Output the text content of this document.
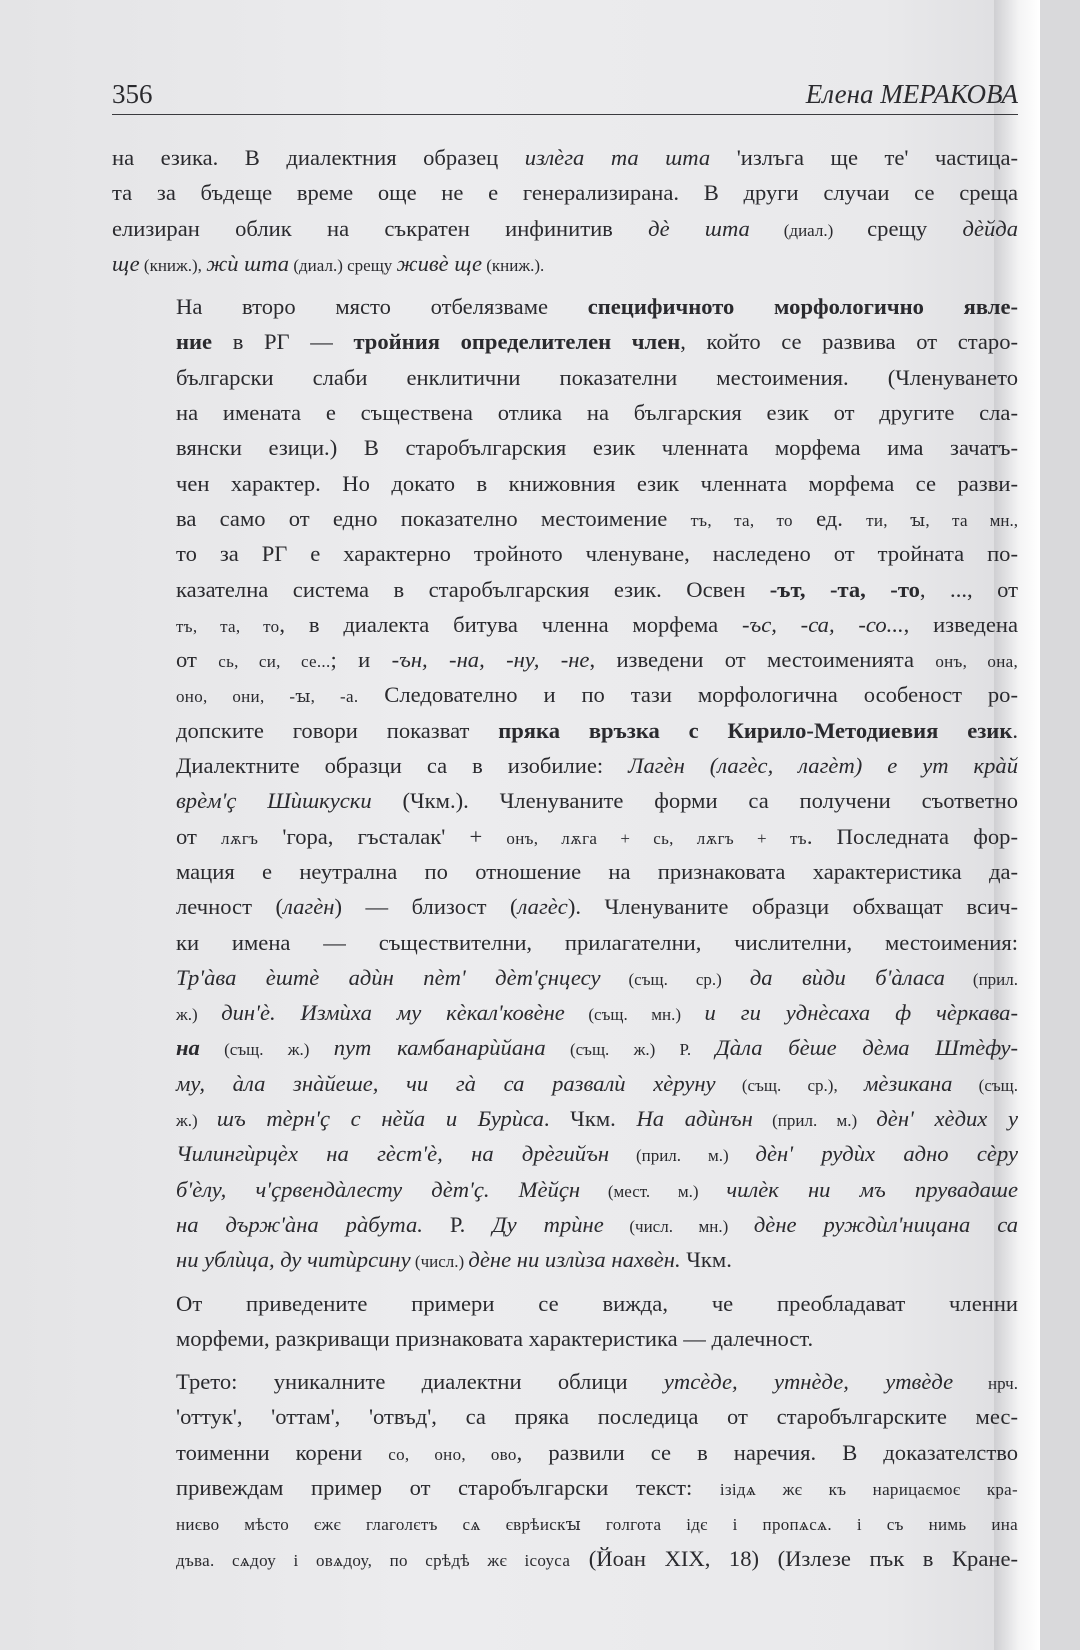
356	Елена МЕРАКОВА

на езика. В диалектния образец излѐга та шта 'излъга ще те' частица-
та за бъдеще време още не е генерализирана. В други случаи се среща
елизиран облик на съкратен инфинитив дѐ шта (диал.) срещу дѐйда
ще (книж.), жѝ шта (диал.) срещу живѐ ще (книж.).

На второ място отбелязваме специфичното морфологично явле-
ние в РГ — тройния определителен член, който се развива от старо-
български слаби енклитични показателни местоимения. (Членуването
на имената е съществена отлика на българския език от другите сла-
вянски езици.) В старобългарския език членната морфема има зачатъ-
чен характер. Но докато в книжовния език членната морфема се разви-
ва само от едно показателно местоимение тъ, та, то ед. ти, ꙑ, та мн.,
то за РГ е характерно тройното членуване, наследено от тройната по-
казателна система в старобългарския език. Освен -ът, -та, -то, ..., от
тъ, та, то, в диалекта битува членна морфема -ъс, -са, -со..., изведена
от сь, си, се...; и -ън, -на, -ну, -не, изведени от местоименията онъ, она,
оно, они, -ꙑ, -а. Следователно и по тази морфологична особеност ро-
допските говори показват пряка връзка с Кирило-Методиевия език.
Диалектните образци са в изобилие: Лагѐн (лагѐс, лагѐт) е ут крàй
врѐм'ҫ Шѝшкуски (Чкм.). Членуваните форми са получени съответно
от лѫгъ 'гора, гъсталак' + онъ, лѫга + сь, лѫгъ + тъ. Последната фор-
мация е неутрална по отношение на признаковата характеристика да-
лечност (лагѐн) — близост (лагѐс). Членуваните образци обхващат всич-
ки имена — съществителни, прилагателни, числителни, местоимения:
Тр'àва ѐштѐ адѝн пѐт' дѐт'ҫнцесу (същ. ср.) да вѝди б'àласа (прил.
ж.) дин'ѐ. Измѝха му кѐкал'ковѐне (същ. мн.) и ги уднѐсаха ф чѐркава-
на (същ. ж.) пут камбанарѝйана (същ. ж.) Р. Дàла бѐше дѐма Штѐфу-
му, àла знàйеше, чи гà са развалѝ хѐруну (същ. ср.), мѐзикана (същ.
ж.) шъ тѐрн'ҫ с нѐйа и Бурѝса. Чкм. На адѝнън (прил. м.) дѐн' хѐдих у
Чилингѝрцѐх на гѐст'ѐ, на дрѐгийън (прил. м.) дѐн' рудѝх адно сѐру
б'ѐлу, ч'ҫрвендàлесту дѐт'ҫ. Мѐйҫн (мест. м.) чилѐк ни мъ прувадаше
на държ'àна рàбута. Р. Ду трѝне (числ. мн.) дѐне руждѝл'ницана са
ни ублѝца, ду читѝрсину (числ.) дѐне ни излѝза нахвѐн. Чкм.

От приведените примери се вижда, че преобладават членни
морфеми, разкриващи признаковата характеристика — далечност.

Трето: уникалните диалектни облици утсѐде, утнѐде, утвѐде нрч.
'оттук', 'оттам', 'отвъд', са пряка последица от старобългарските мес-
тоименни корени со, оно, ово, развили се в наречия. В доказателство
привеждам пример от старобългарски текст: ізідѧ жє къ нарицаємоє кра-
ниєво мѣсто єжє глаголєтъ сѧ єврѣискꙑ голгота ідє і пропѧсѧ. і съ нимь ина
дъва. сѧдоу і овѧдоу, по срѣдѣ жє ісоуса (Йоан XIX, 18) (Излезе пък в Кране-
